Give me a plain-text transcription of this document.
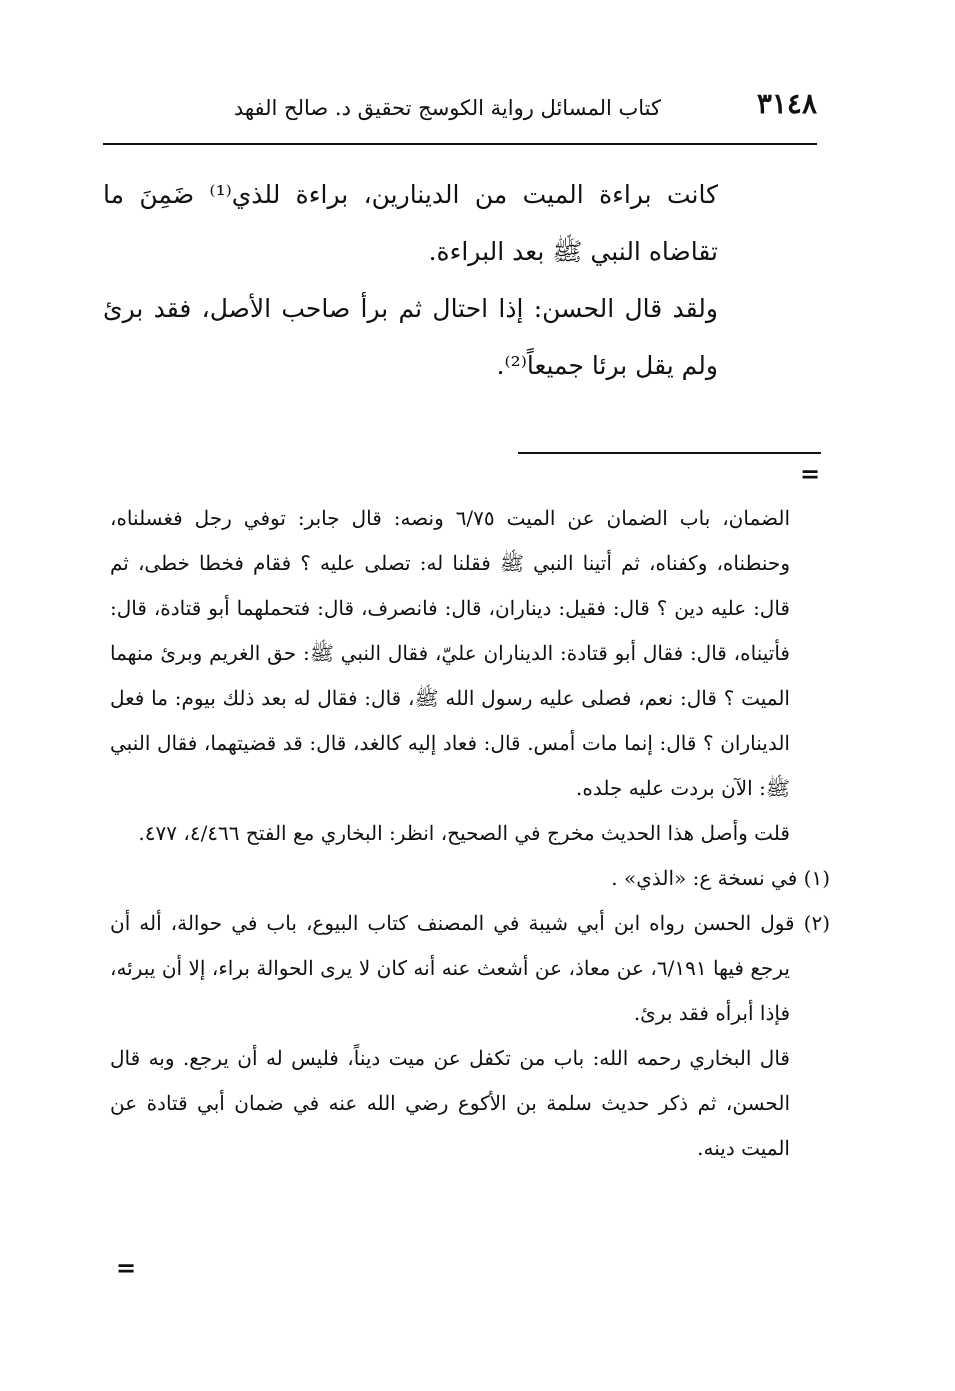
٣١٤٨
كتاب المسائل رواية الكوسج تحقيق د. صالح الفهد

كانت براءة الميت من الدينارين، براءة للذي⁽¹⁾ ضَمِنَ ما تقاضاه النبي ﷺ بعد البراءة.

ولقد قال الحسن: إذا احتال ثم برأ صاحب الأصل، فقد برئ ولم يقل برئا جميعاً⁽²⁾.

=

الضمان، باب الضمان عن الميت ٦/٧٥ ونصه: قال جابر: توفي رجل فغسلناه، وحنطناه، وكفناه، ثم أتينا النبي ﷺ فقلنا له: تصلى عليه ؟ فقام فخطا خطى، ثم قال: عليه دين ؟ قال: فقيل: ديناران، قال: فانصرف، قال: فتحملهما أبو قتادة، قال: فأتيناه، قال: فقال أبو قتادة: الديناران عليّ، فقال النبي ﷺ: حق الغريم وبرئ منهما الميت ؟ قال: نعم، فصلى عليه رسول الله ﷺ، قال: فقال له بعد ذلك بيوم: ما فعل الديناران ؟ قال: إنما مات أمس. قال: فعاد إليه كالغد، قال: قد قضيتهما، فقال النبي ﷺ: الآن بردت عليه جلده.

قلت وأصل هذا الحديث مخرج في الصحيح، انظر: البخاري مع الفتح ٤/٤٦٦، ٤٧٧.

(١) في نسخة ع: «الذي» .

(٢) قول الحسن رواه ابن أبي شيبة في المصنف كتاب البيوع، باب في حوالة، أله أن يرجع فيها ٦/١٩١، عن معاذ، عن أشعث عنه أنه كان لا يرى الحوالة براء، إلا أن يبرئه، فإذا أبرأه فقد برئ.

قال البخاري رحمه الله: باب من تكفل عن ميت ديناً، فليس له أن يرجع. وبه قال الحسن، ثم ذكر حديث سلمة بن الأكوع رضي الله عنه في ضمان أبي قتادة عن الميت دينه.

=
